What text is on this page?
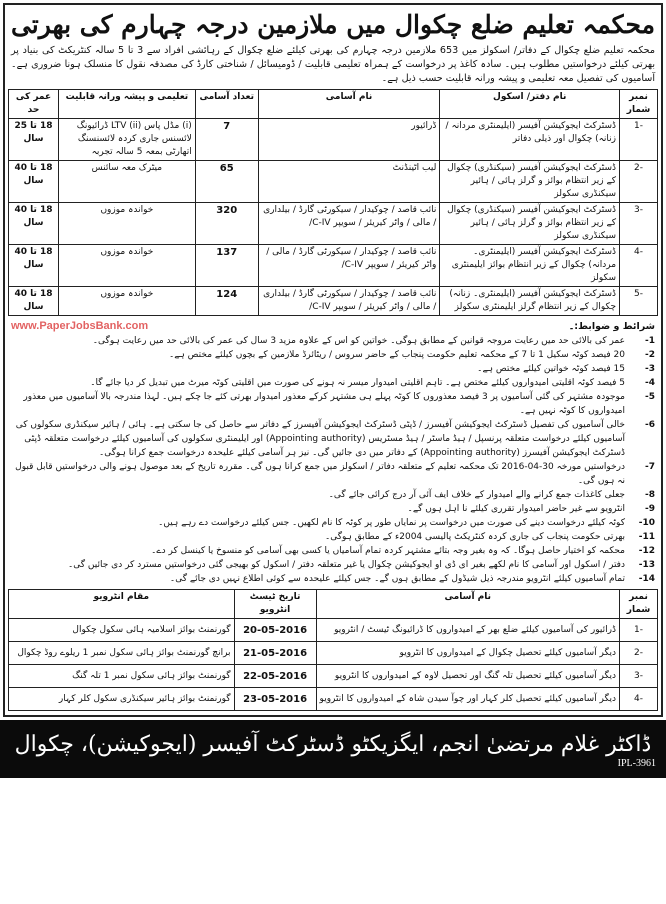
محکمہ تعلیم ضلع چکوال میں ملازمین درجہ چہارم کی بھرتی

محکمہ تعلیم ضلع چکوال کے دفاتر/ اسکولز میں 653 ملازمین درجہ چہارم کی بھرتی کیلئے ضلع چکوال کے رہائشی افراد سے 3 تا 5 سالہ کنٹریکٹ کی بنیاد پر بھرتی کیلئے درخواستیں مطلوب ہیں۔ سادہ کاغذ پر درخواست کے ہمراہ تعلیمی قابلیت / ڈومیسائل / شناختی کارڈ کی مصدقہ نقول کا منسلک ہونا ضروری ہے۔ آسامیوں کی تفصیل معہ تعلیمی و پیشہ ورانہ قابلیت حسب ذیل ہے۔

نمبر شمار	نام دفتر/ اسکول	نام آسامی	تعداد آسامی	تعلیمی و پیشہ ورانہ قابلیت	عمر کی حد
-1	ڈسٹرکٹ ایجوکیشن آفیسر (ایلیمنٹری مردانہ / زنانہ) چکوال اور ذیلی دفاتر	ڈرائیور	7	(i) مڈل پاس (ii) LTV ڈرائیونگ لائسنس جاری کردہ لائسنسنگ اتھارٹی بمعہ 5 سالہ تجربہ	18 تا 25 سال
-2	ڈسٹرکٹ ایجوکیشن آفیسر (سیکنڈری) چکوال کے زیر انتظام بوائز و گرلز ہائی / ہائیر سیکنڈری سکولز	لیب اٹینڈنٹ	65	میٹرک معہ سائنس	18 تا 40 سال
-3	ڈسٹرکٹ ایجوکیشن آفیسر (سیکنڈری) چکوال کے زیر انتظام بوائز و گرلز ہائی / ہائیر سیکنڈری سکولز	نائب قاصد / چوکیدار / سیکورٹی گارڈ / بیلداری / مالی / واٹر کیریئر / سویپر C-IV/	320	خواندہ موزوں	18 تا 40 سال
-4	ڈسٹرکٹ ایجوکیشن آفیسر (ایلیمنٹری۔ مردانہ) چکوال کے زیر انتظام بوائز ایلیمنٹری سکولز	نائب قاصد / چوکیدار / سیکورٹی گارڈ / مالی / واٹر کیریئر / سویپر C-IV/	137	خواندہ موزوں	18 تا 40 سال
-5	ڈسٹرکٹ ایجوکیشن آفیسر (ایلیمنٹری۔ زنانہ) چکوال کے زیر انتظام گرلز ایلیمنٹری سکولز	نائب قاصد / چوکیدار / سیکورٹی گارڈ / بیلداری / مالی / واٹر کیریئر / سویپر C-IV/	124	خواندہ موزوں	18 تا 40 سال
شرائط و ضوابط:۔
www.PaperJobsBank.com
-1
عمر کی بالائی حد میں رعایت مروجہ قوانین کے مطابق ہوگی۔ خواتین کو اس کے علاوہ مزید 3 سال کی عمر کی بالائی حد میں رعایت ہوگی۔
-2
20 فیصد کوٹہ سکیل 1 تا 7 کے محکمہ تعلیم حکومت پنجاب کے حاضر سروس / ریٹائرڈ ملازمین کے بچوں کیلئے مختص ہے۔
-3
15 فیصد کوٹہ خواتین کیلئے مختص ہے۔
-4
5 فیصد کوٹہ اقلیتی امیدواروں کیلئے مختص ہے۔ تاہم اقلیتی امیدوار میسر نہ ہونے کی صورت میں اقلیتی کوٹہ میرٹ میں تبدیل کر دیا جائے گا۔
-5
موجودہ مشتہر کی گئی آسامیوں پر 3 فیصد معذوروں کا کوٹہ پہلے ہی مشتہر کرکے معذور امیدوار بھرتی کئے جا چکے ہیں۔ لہذا مندرجہ بالا آسامیوں میں معذور امیدواروں کا کوٹہ نہیں ہے۔
-6
خالی آسامیوں کی تفصیل ڈسٹرکٹ ایجوکیشن آفیسرز / ڈپٹی ڈسٹرکٹ ایجوکیشن آفیسرز کے دفاتر سے حاصل کی جا سکتی ہے۔ ہائی / ہائیر سیکنڈری سکولوں کی آسامیوں کیلئے درخواست متعلقہ پرنسپل / ہیڈ ماسٹر / ہیڈ مسٹریس (Appointing authority) اور ایلیمنٹری سکولوں کی آسامیوں کیلئے درخواست متعلقہ ڈپٹی ڈسٹرکٹ ایجوکیشن آفیسرز (Appointing authority) کے دفاتر میں دی جائیں گی۔ نیز ہر آسامی کیلئے علیحدہ درخواست جمع کرانا ہوگی۔
-7
درخواستیں مورخہ 30-04-2016 تک محکمہ تعلیم کے متعلقہ دفاتر / اسکولز میں جمع کرانا ہوں گی۔ مقررہ تاریخ کے بعد موصول ہونے والی درخواستیں قابل قبول نہ ہوں گی۔
-8
جعلی کاغذات جمع کرانے والے امیدوار کے خلاف ایف آئی آر درج کرائی جائے گی۔
-9
انٹرویو سے غیر حاضر امیدوار تقرری کیلئے نا اہل ہوں گے۔
-10
کوٹہ کیلئے درخواست دینے کی صورت میں درخواست پر نمایاں طور پر کوٹہ کا نام لکھیں۔ جس کیلئے درخواست دے رہے ہیں۔
-11
بھرتی حکومت پنجاب کی جاری کردہ کنٹریکٹ پالیسی 2004ء کے مطابق ہوگی۔
-12
محکمہ کو اختیار حاصل ہوگا۔ کہ وہ بغیر وجہ بتائے مشتہر کردہ تمام آسامیاں یا کسی بھی آسامی کو منسوخ یا کینسل کر دے۔
-13
دفتر / اسکول اور آسامی کا نام لکھے بغیر ای ڈی او ایجوکیشن چکوال یا غیر متعلقہ دفتر / اسکول کو بھیجی گئی درخواستیں مسترد کر دی جائیں گی۔
-14
تمام آسامیوں کیلئے انٹرویو مندرجہ ذیل شیڈول کے مطابق ہوں گے۔ جس کیلئے علیحدہ سے کوئی اطلاع نہیں دی جائے گی۔
نمبر شمار	نام آسامی	تاریخ ٹیسٹ انٹرویو	مقام انٹرویو
-1	ڈرائیور کی آسامیوں کیلئے ضلع بھر کے امیدواروں کا ڈرائیونگ ٹیسٹ / انٹرویو	20-05-2016	گورنمنٹ بوائز اسلامیہ ہائی سکول چکوال
-2	دیگر آسامیوں کیلئے تحصیل چکوال کے امیدواروں کا انٹرویو	21-05-2016	برانچ گورنمنٹ بوائز ہائی سکول نمبر 1 ریلوے روڈ چکوال
-3	دیگر آسامیوں کیلئے تحصیل تلہ گنگ اور تحصیل لاوہ کے امیدواروں کا انٹرویو	22-05-2016	گورنمنٹ بوائز ہائی سکول نمبر 1 تلہ گنگ
-4	دیگر آسامیوں کیلئے تحصیل کلر کہار اور چوآ سیدن شاہ کے امیدواروں کا انٹرویو	23-05-2016	گورنمنٹ بوائز ہائیر سیکنڈری سکول کلر کہار
ڈاکٹر غلام مرتضیٰ انجم، ایگزیکٹو ڈسٹرکٹ آفیسر (ایجوکیشن)، چکوال
IPL-3961
